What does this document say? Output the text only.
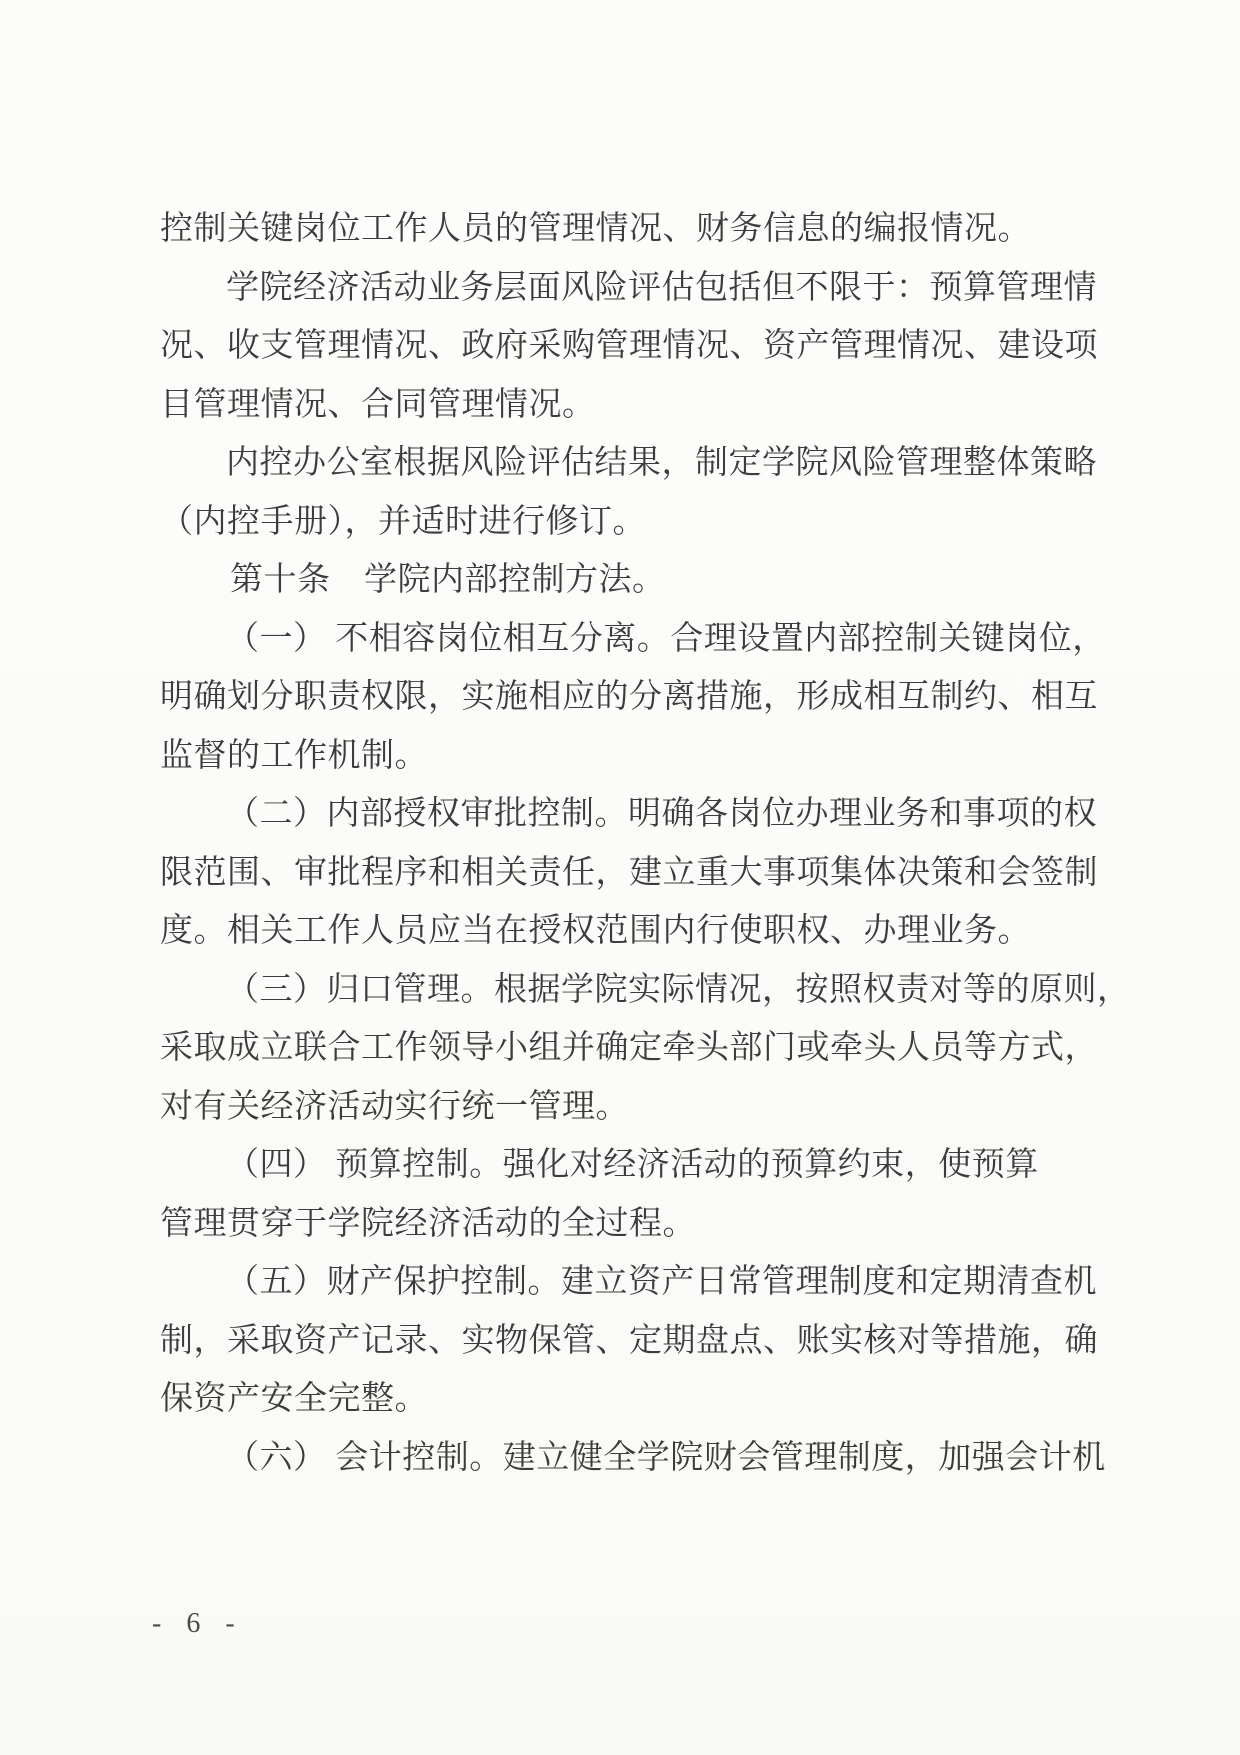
控制关键岗位工作人员的管理情况、财务信息的编报情况。
学院经济活动业务层面风险评估包括但不限于：预算管理情
况、收支管理情况、政府采购管理情况、资产管理情况、建设项
目管理情况、合同管理情况。
内控办公室根据风险评估结果，制定学院风险管理整体策略
（内控手册），并适时进行修订。
第十条　学院内部控制方法。
（一） 不相容岗位相互分离。合理设置内部控制关键岗位，
明确划分职责权限，实施相应的分离措施，形成相互制约、相互
监督的工作机制。
（二）内部授权审批控制。明确各岗位办理业务和事项的权
限范围、审批程序和相关责任，建立重大事项集体决策和会签制
度。相关工作人员应当在授权范围内行使职权、办理业务。
（三）归口管理。根据学院实际情况，按照权责对等的原则，
采取成立联合工作领导小组并确定牵头部门或牵头人员等方式，
对有关经济活动实行统一管理。
（四） 预算控制。强化对经济活动的预算约束，使预算
管理贯穿于学院经济活动的全过程。
（五）财产保护控制。建立资产日常管理制度和定期清查机
制，采取资产记录、实物保管、定期盘点、账实核对等措施，确
保资产安全完整。
（六） 会计控制。建立健全学院财会管理制度，加强会计机
- 6 -
